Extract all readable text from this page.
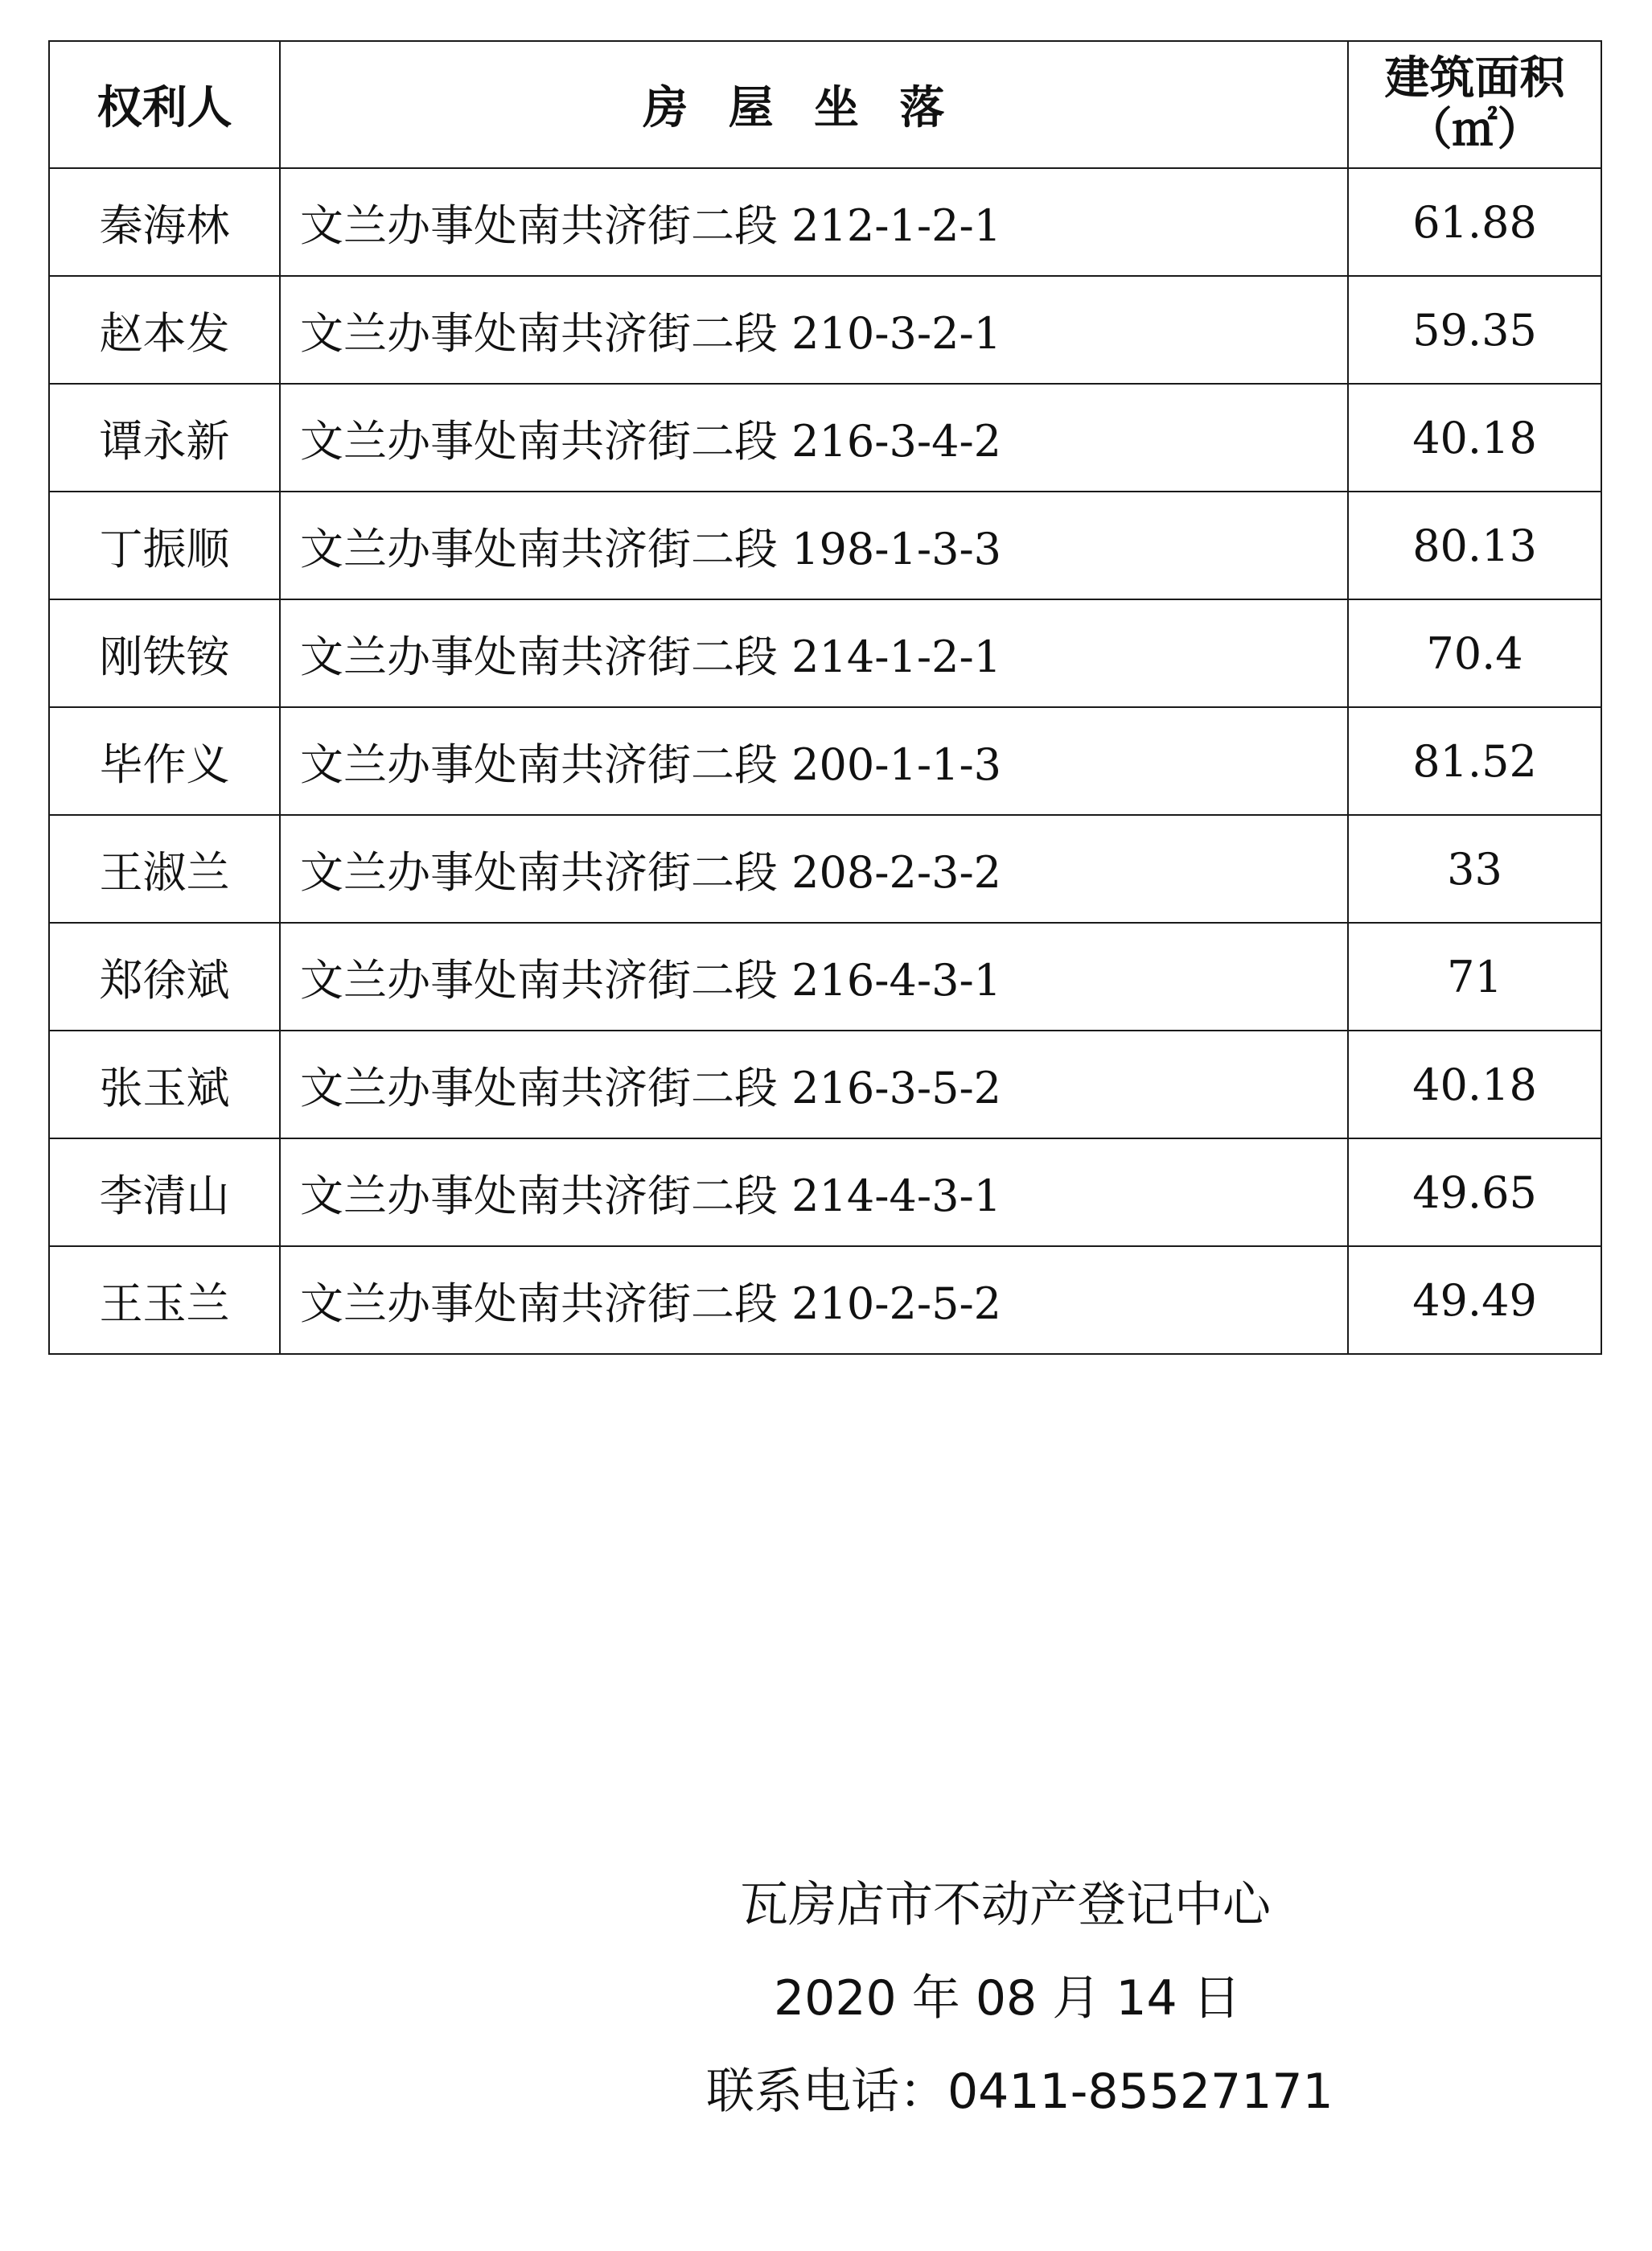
权利人	房屋坐落	建筑面积
（㎡）

秦海林	文兰办事处南共济街二段 212-1-2-1	61.88
赵本发	文兰办事处南共济街二段 210-3-2-1	59.35
谭永新	文兰办事处南共济街二段 216-3-4-2	40.18
丁振顺	文兰办事处南共济街二段 198-1-3-3	80.13
刚铁铵	文兰办事处南共济街二段 214-1-2-1	70.4
毕作义	文兰办事处南共济街二段 200-1-1-3	81.52
王淑兰	文兰办事处南共济街二段 208-2-3-2	33
郑徐斌	文兰办事处南共济街二段 216-4-3-1	71
张玉斌	文兰办事处南共济街二段 216-3-5-2	40.18
李清山	文兰办事处南共济街二段 214-4-3-1	49.65
王玉兰	文兰办事处南共济街二段 210-2-5-2	49.49
瓦房店市不动产登记中心
2020 年 08 月 14 日
联系电话：0411-85527171
